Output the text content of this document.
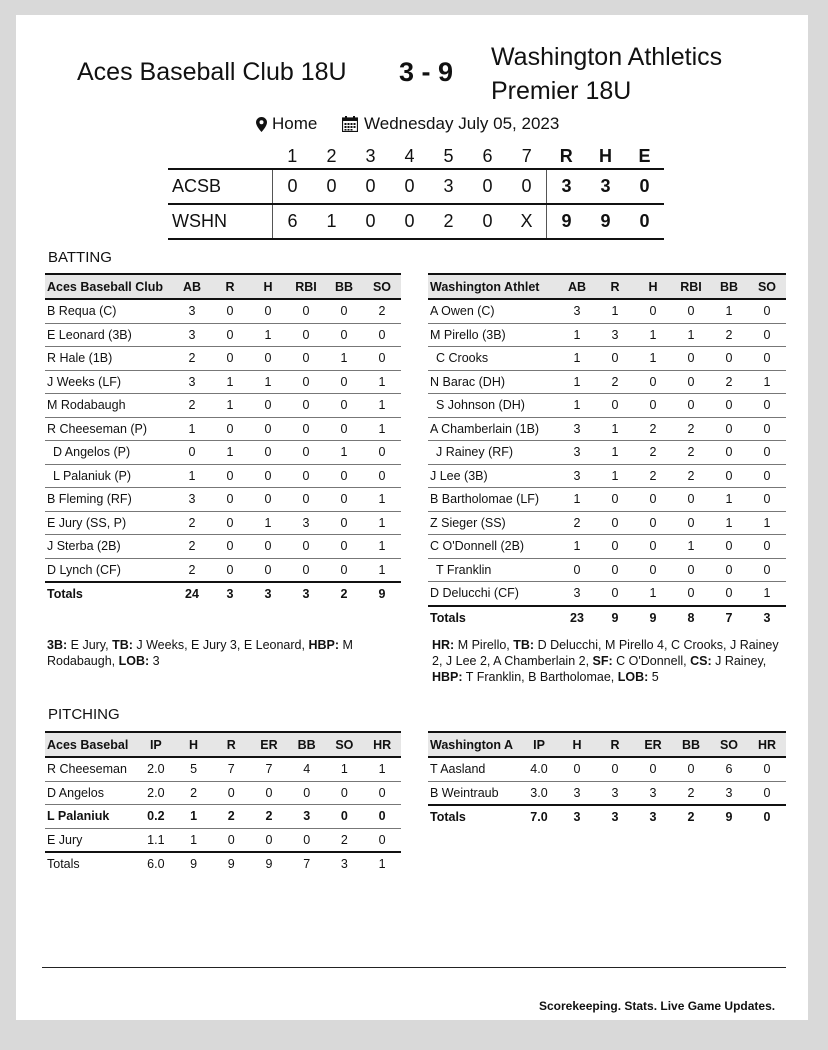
Aces Baseball Club 18U 3 - 9 Washington Athletics Premier 18U
Home	Wednesday July 05, 2023
	1	2	3	4	5	6	7	R	H	E
ACSB	0	0	0	0	3	0	0	3	3	0
WSHN	6	1	0	0	2	0	X	9	9	0
BATTING
Aces Baseball Club	AB	R	H	RBI	BB	SO
B Requa (C)	3	0	0	0	0	2
E Leonard (3B)	3	0	1	0	0	0
R Hale (1B)	2	0	0	0	1	0
J Weeks (LF)	3	1	1	0	0	1
M Rodabaugh	2	1	0	0	0	1
R Cheeseman (P)	1	0	0	0	0	1
D Angelos (P)	0	1	0	0	1	0
L Palaniuk (P)	1	0	0	0	0	0
B Fleming (RF)	3	0	0	0	0	1
E Jury (SS, P)	2	0	1	3	0	1
J Sterba (2B)	2	0	0	0	0	1
D Lynch (CF)	2	0	0	0	0	1
Totals	24	3	3	3	2	9
Washington Athlet	AB	R	H	RBI	BB	SO
A Owen (C)	3	1	0	0	1	0
M Pirello (3B)	1	3	1	1	2	0
C Crooks	1	0	1	0	0	0
N Barac (DH)	1	2	0	0	2	1
S Johnson (DH)	1	0	0	0	0	0
A Chamberlain (1B)	3	1	2	2	0	0
J Rainey (RF)	3	1	2	2	0	0
J Lee (3B)	3	1	2	2	0	0
B Bartholomae (LF)	1	0	0	0	1	0
Z Sieger (SS)	2	0	0	0	1	1
C O'Donnell (2B)	1	0	0	1	0	0
T Franklin	0	0	0	0	0	0
D Delucchi (CF)	3	0	1	0	0	1
Totals	23	9	9	8	7	3
3B: E Jury, TB: J Weeks, E Jury 3, E Leonard, HBP: M Rodabaugh, LOB: 3
HR: M Pirello, TB: D Delucchi, M Pirello 4, C Crooks, J Rainey 2, J Lee 2, A Chamberlain 2, SF: C O'Donnell, CS: J Rainey, HBP: T Franklin, B Bartholomae, LOB: 5
PITCHING
Aces Basebal	IP	H	R	ER	BB	SO	HR
R Cheeseman	2.0	5	7	7	4	1	1
D Angelos	2.0	2	0	0	0	0	0
L Palaniuk	0.2	1	2	2	3	0	0
E Jury	1.1	1	0	0	0	2	0
Totals	6.0	9	9	9	7	3	1
Washington A	IP	H	R	ER	BB	SO	HR
T Aasland	4.0	0	0	0	0	6	0
B Weintraub	3.0	3	3	3	2	3	0
Totals	7.0	3	3	3	2	9	0
Scorekeeping. Stats. Live Game Updates.
